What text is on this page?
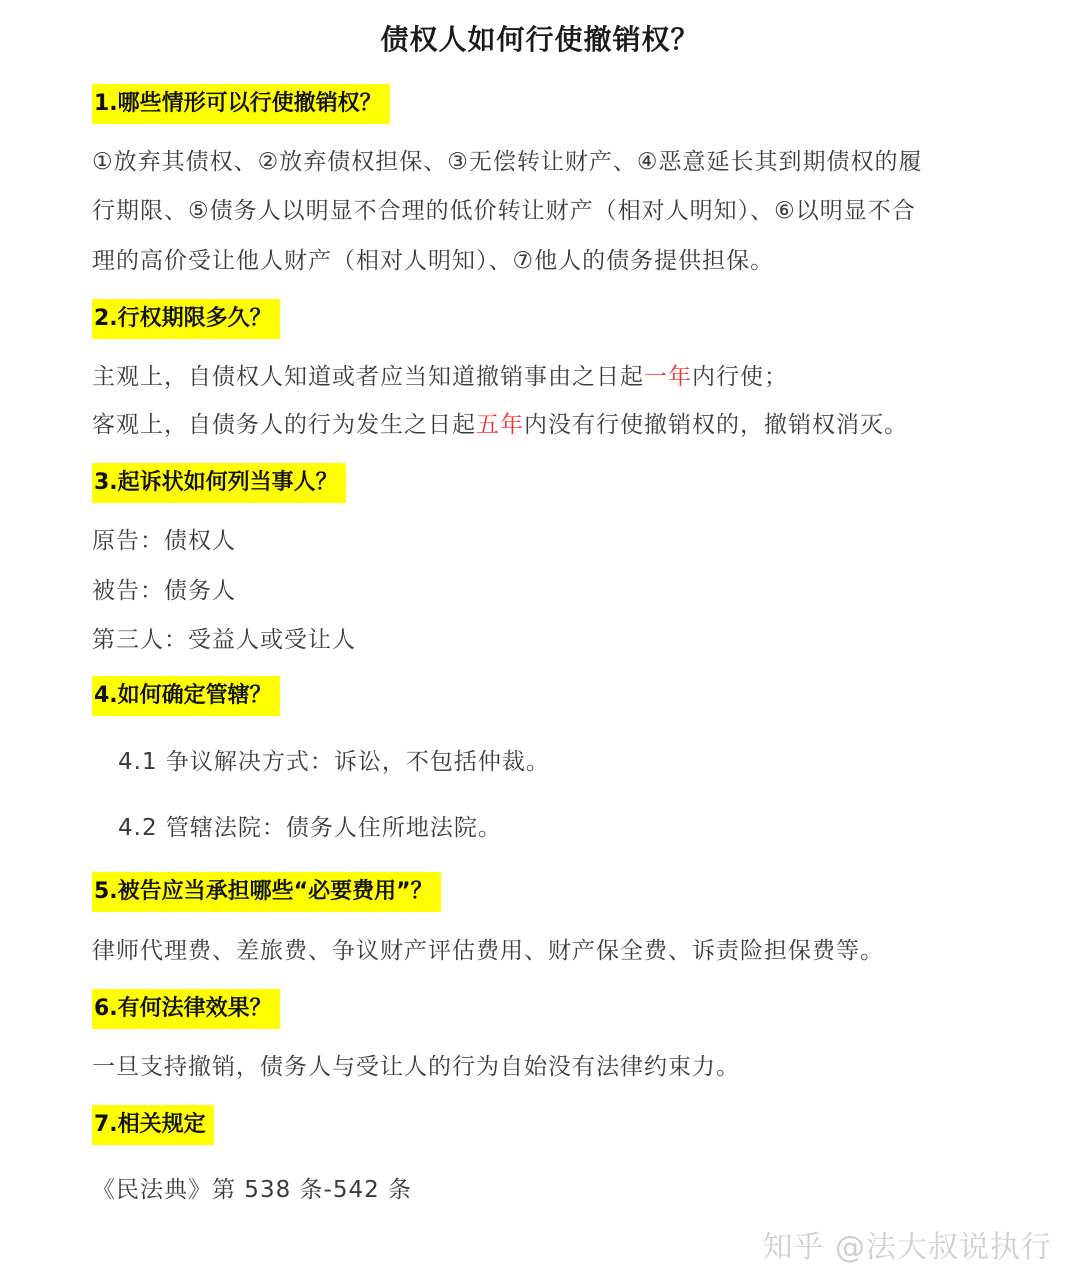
债权人如何行使撤销权？
1.哪些情形可以行使撤销权？
①放弃其债权、②放弃债权担保、③无偿转让财产、④恶意延长其到期债权的履
行期限、⑤债务人以明显不合理的低价转让财产（相对人明知）、⑥以明显不合
理的高价受让他人财产（相对人明知）、⑦他人的债务提供担保。
2.行权期限多久？
主观上，自债权人知道或者应当知道撤销事由之日起一年内行使；
客观上，自债务人的行为发生之日起五年内没有行使撤销权的，撤销权消灭。
3.起诉状如何列当事人？
原告：债权人
被告：债务人
第三人：受益人或受让人
4.如何确定管辖？
4.1 争议解决方式：诉讼，不包括仲裁。
4.2 管辖法院：债务人住所地法院。
5.被告应当承担哪些“必要费用”？
律师代理费、差旅费、争议财产评估费用、财产保全费、诉责险担保费等。
6.有何法律效果？
一旦支持撤销，债务人与受让人的行为自始没有法律约束力。
7.相关规定
《民法典》第 538 条-542 条
知乎 @法大叔说执行
